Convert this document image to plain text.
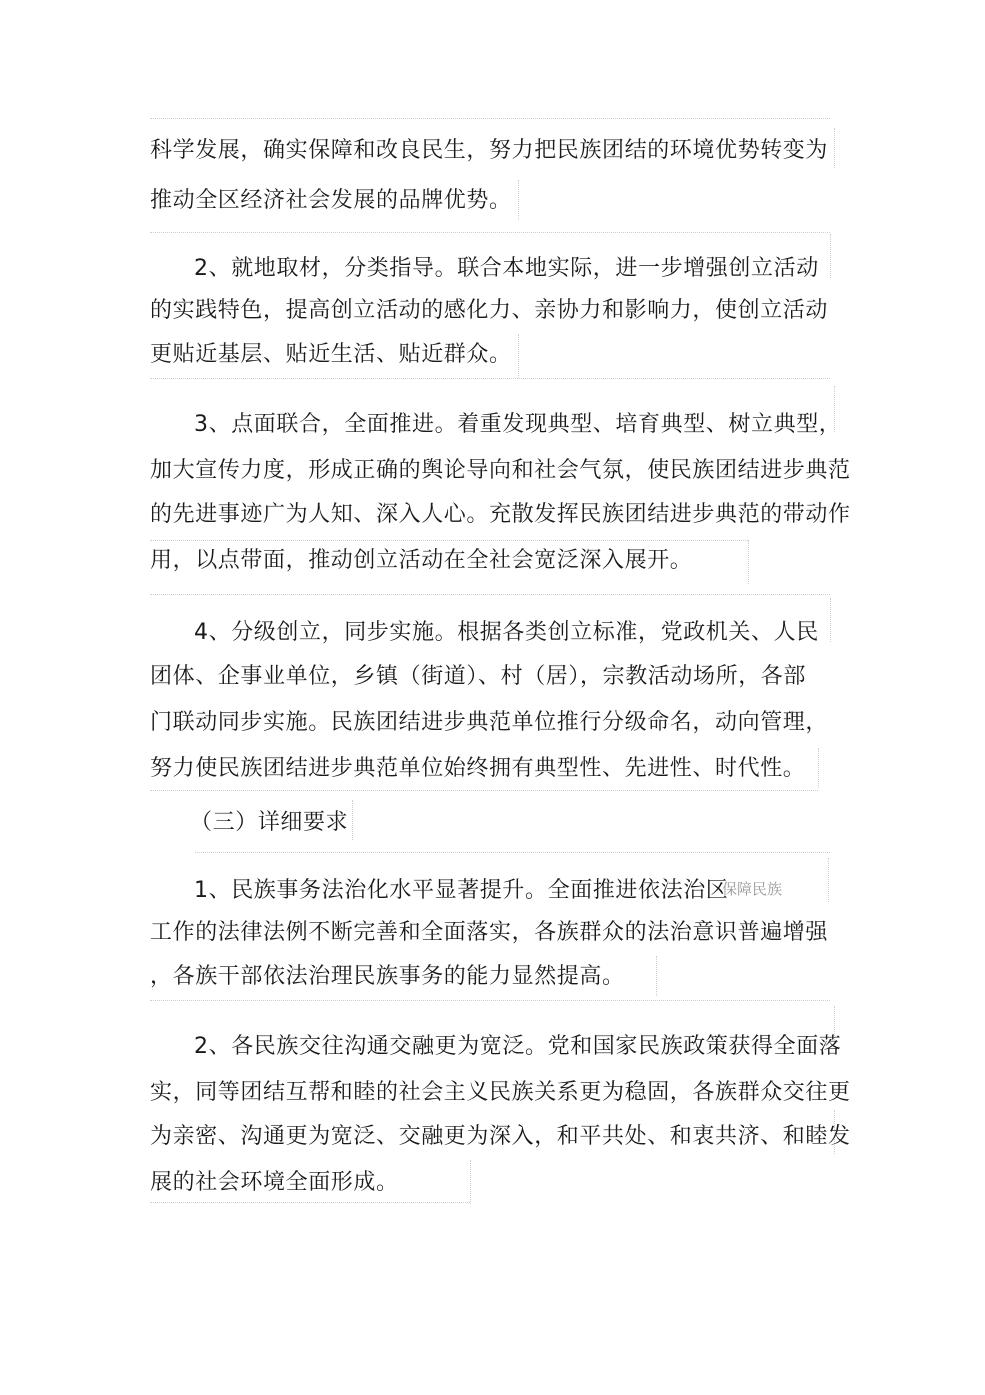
科学发展，确实保障和改良民生，努力把民族团结的环境优势转变为
推动全区经济社会发展的品牌优势。
2、就地取材，分类指导。联合本地实际，进一步增强创立活动
的实践特色，提高创立活动的感化力、亲协力和影响力，使创立活动
更贴近基层、贴近生活、贴近群众。
3、点面联合，全面推进。着重发现典型、培育典型、树立典型，
加大宣传力度，形成正确的舆论导向和社会气氛，使民族团结进步典范
的先进事迹广为人知、深入人心。充散发挥民族团结进步典范的带动作
用，以点带面，推动创立活动在全社会宽泛深入展开。
4、分级创立，同步实施。根据各类创立标准，党政机关、人民
团体、企事业单位，乡镇（街道）、村（居），宗教活动场所，各部
门联动同步实施。民族团结进步典范单位推行分级命名，动向管理，
努力使民族团结进步典范单位始终拥有典型性、先进性、时代性。
（三）详细要求
1、民族事务法治化水平显著提升。全面推进依法治区
保障民族
工作的法律法例不断完善和全面落实，各族群众的法治意识普遍增强
，各族干部依法治理民族事务的能力显然提高。
2、各民族交往沟通交融更为宽泛。党和国家民族政策获得全面落
实，同等团结互帮和睦的社会主义民族关系更为稳固，各族群众交往更
为亲密、沟通更为宽泛、交融更为深入，和平共处、和衷共济、和睦发
展的社会环境全面形成。
